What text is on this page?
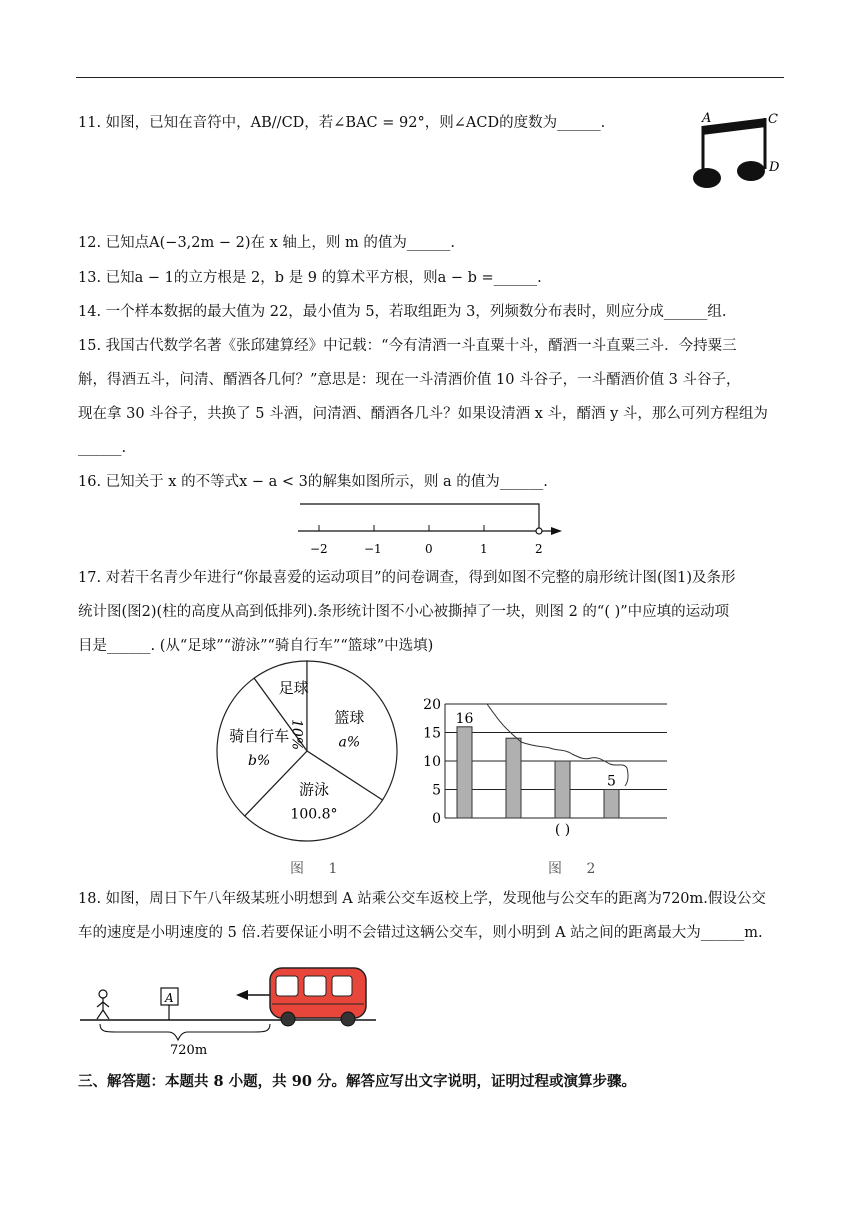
11. 如图，已知在音符中，AB//CD，若∠BAC = 92°，则∠ACD的度数为______.	A
B
C
D

12. 已知点A(−3,2m − 2)在 x 轴上，则 m 的值为______.

13. 已知a − 1的立方根是 2，b 是 9 的算术平方根，则a − b =______.

14. 一个样本数据的最大值为 22，最小值为 5，若取组距为 3，列频数分布表时，则应分成______组.

15. 我国古代数学名著《张邱建算经》中记载：“今有清酒一斗直粟十斗，醑酒一斗直粟三斗．今持粟三

斛，得酒五斗，问清、醑酒各几何？”意思是：现在一斗清酒价值 10 斗谷子，一斗醑酒价值 3 斗谷子，

现在拿 30 斗谷子，共换了 5 斗酒，问清酒、醑酒各几斗？如果设清酒 x 斗，醑酒 y 斗，那么可列方程组为

______.

16. 已知关于 x 的不等式x − a < 3的解集如图所示，则 a 的值为______.

−2	−1	0	1	2

17. 对若干名青少年进行“你最喜爱的运动项目”的问卷调查，得到如图不完整的扇形统计图(图1)及条形

统计图(图2)(柱的高度从高到低排列).条形统计图不小心被撕掉了一块，则图 2 的“( )”中应填的运动项

目是______. (从“足球”“游泳”“骑自行车”“篮球”中选填)

足球
10%
篮球
a%
游泳
100.8°
骑自行车
b%
图 1
0
5
10
15
20
16
( )
5
图 2

18. 如图，周日下午八年级某班小明想到 A 站乘公交车返校上学，发现他与公交车的距离为720m.假设公交

车的速度是小明速度的 5 倍.若要保证小明不会错过这辆公交车，则小明到 A 站之间的距离最大为______m.

A
720m
三、解答题：本题共 8 小题，共 90 分。解答应写出文字说明，证明过程或演算步骤。
